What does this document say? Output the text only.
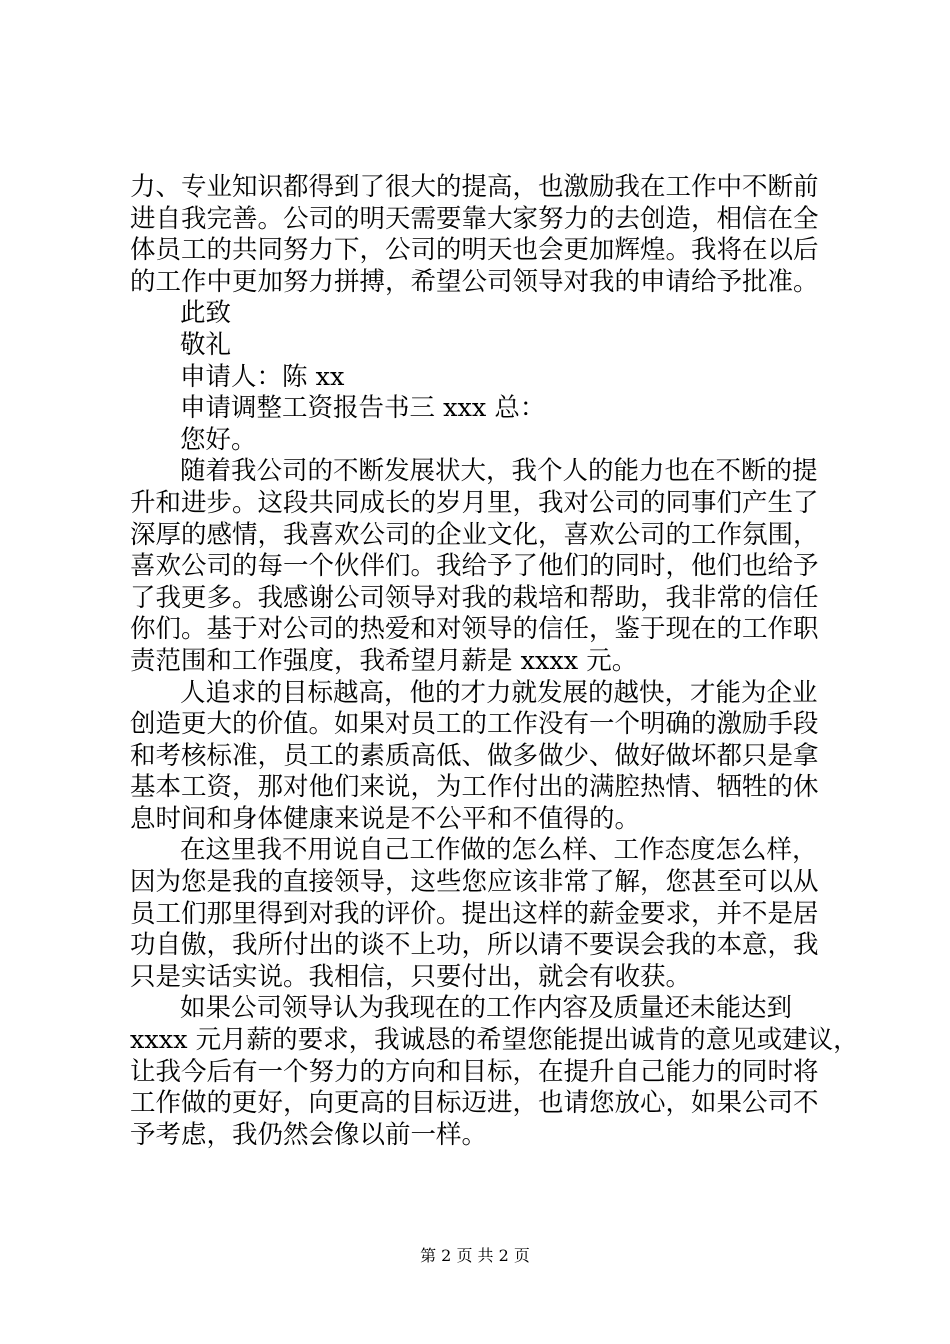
力、专业知识都得到了很大的提高，也激励我在工作中不断前
进自我完善。公司的明天需要靠大家努力的去创造，相信在全
体员工的共同努力下，公司的明天也会更加辉煌。我将在以后
的工作中更加努力拼搏，希望公司领导对我的申请给予批准。
此致
敬礼
申请人：陈 xx
申请调整工资报告书三 xxx 总：
您好。
随着我公司的不断发展状大，我个人的能力也在不断的提
升和进步。这段共同成长的岁月里，我对公司的同事们产生了
深厚的感情，我喜欢公司的企业文化，喜欢公司的工作氛围，
喜欢公司的每一个伙伴们。我给予了他们的同时，他们也给予
了我更多。我感谢公司领导对我的栽培和帮助，我非常的信任
你们。基于对公司的热爱和对领导的信任，鉴于现在的工作职
责范围和工作强度，我希望月薪是 xxxx 元。
人追求的目标越高，他的才力就发展的越快，才能为企业
创造更大的价值。如果对员工的工作没有一个明确的激励手段
和考核标准，员工的素质高低、做多做少、做好做坏都只是拿
基本工资，那对他们来说，为工作付出的满腔热情、牺牲的休
息时间和身体健康来说是不公平和不值得的。
在这里我不用说自己工作做的怎么样、工作态度怎么样，
因为您是我的直接领导，这些您应该非常了解，您甚至可以从
员工们那里得到对我的评价。提出这样的薪金要求，并不是居
功自傲，我所付出的谈不上功，所以请不要误会我的本意，我
只是实话实说。我相信，只要付出，就会有收获。
如果公司领导认为我现在的工作内容及质量还未能达到
xxxx 元月薪的要求，我诚恳的希望您能提出诚肯的意见或建议，
让我今后有一个努力的方向和目标，在提升自己能力的同时将
工作做的更好，向更高的目标迈进，也请您放心，如果公司不
予考虑，我仍然会像以前一样。
第 2 页 共 2 页
